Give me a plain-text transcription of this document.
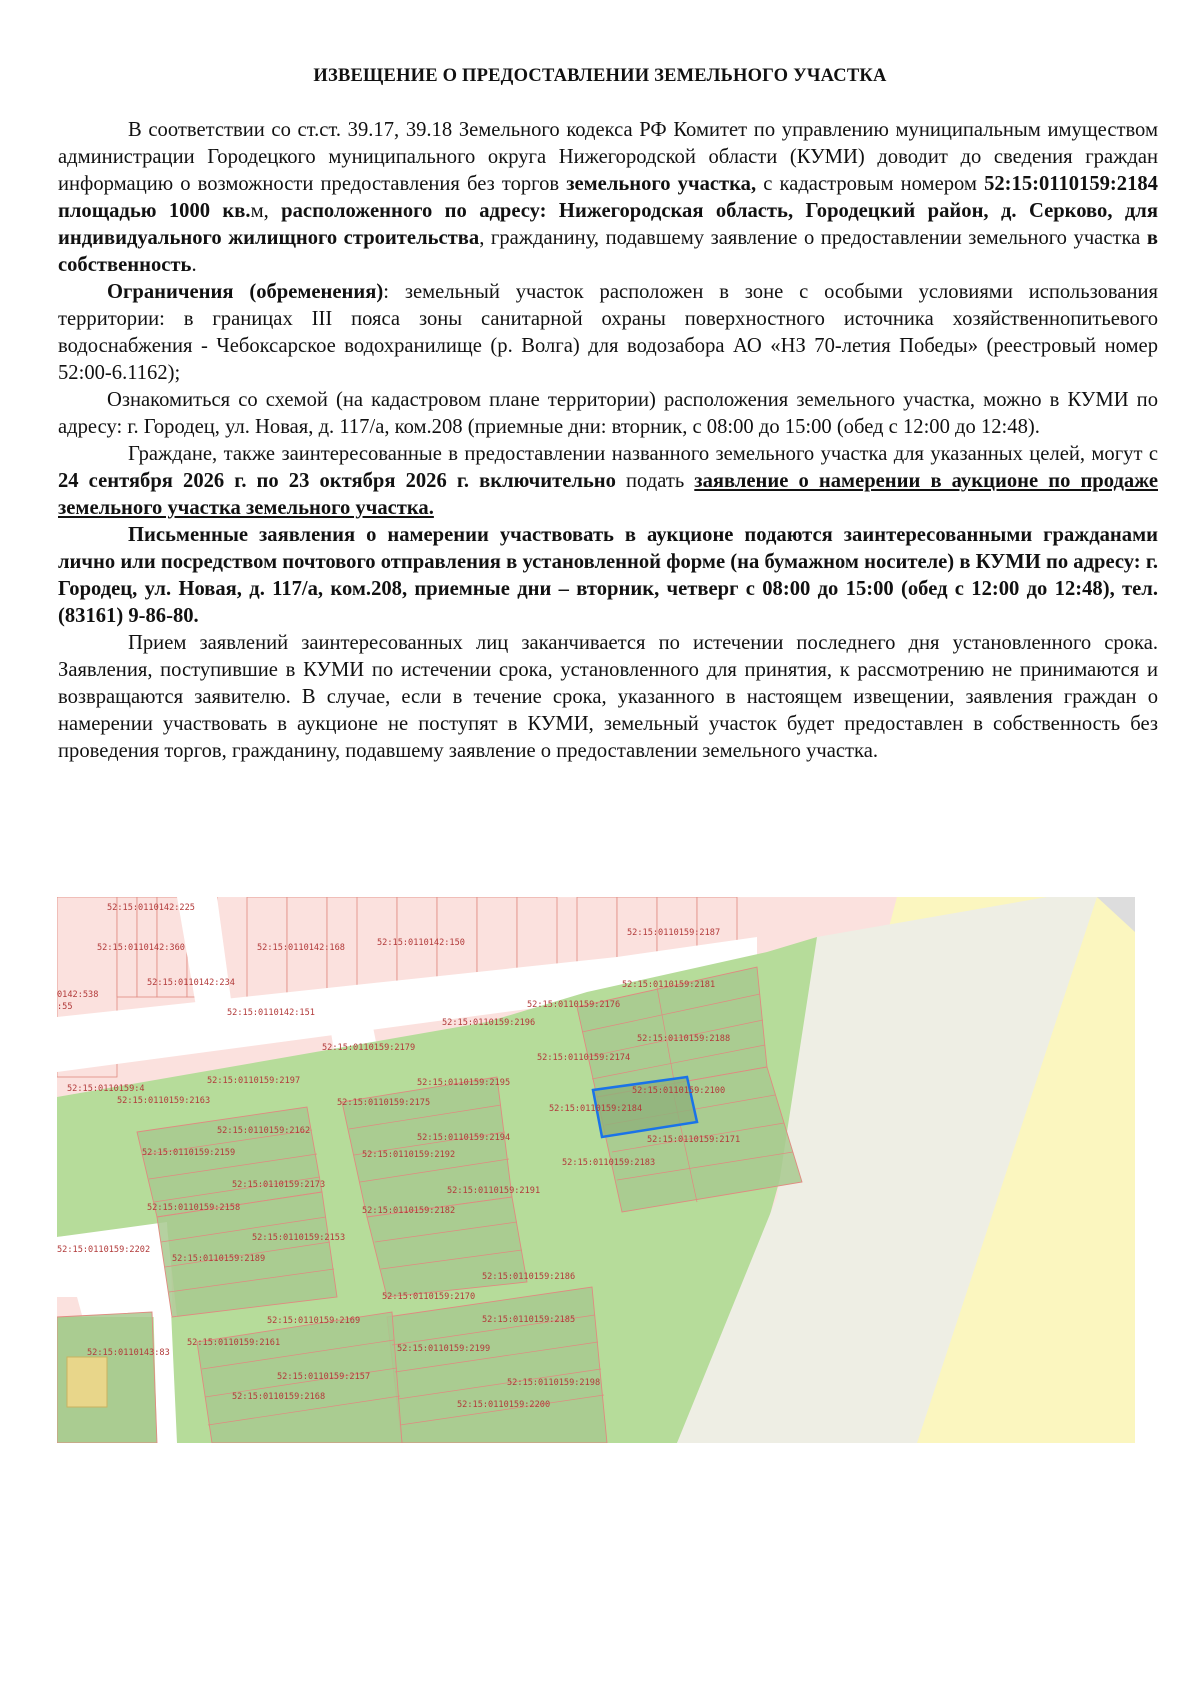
ИЗВЕЩЕНИЕ О ПРЕДОСТАВЛЕНИИ ЗЕМЕЛЬНОГО УЧАСТКА

В соответствии со ст.ст. 39.17, 39.18 Земельного кодекса РФ Комитет по управлению муниципальным имуществом администрации Городецкого муниципального округа Нижегородской области (КУМИ) доводит до сведения граждан информацию о возможности предоставления без торгов земельного участка, с кадастровым номером 52:15:0110159:2184 площадью 1000 кв.м, расположенного по адресу: Нижегородская область, Городецкий район, д. Серково, для индивидуального жилищного строительства, гражданину, подавшему заявление о предоставлении земельного участка в собственность.

Ограничения (обременения): земельный участок расположен в зоне с особыми условиями использования территории: в границах III пояса зоны санитарной охраны поверхностного источника хозяйственнопитьевого водоснабжения - Чебоксарское водохранилище (р. Волга) для водозабора АО «НЗ 70-летия Победы» (реестровый номер 52:00-6.1162);

Ознакомиться со схемой (на кадастровом плане территории) расположения земельного участка, можно в КУМИ по адресу: г. Городец, ул. Новая, д. 117/а, ком.208 (приемные дни: вторник, с 08:00 до 15:00 (обед с 12:00 до 12:48).

Граждане, также заинтересованные в предоставлении названного земельного участка для указанных целей, могут с 24 сентября 2026 г. по 23 октября 2026 г. включительно подать заявление о намерении в аукционе по продаже земельного участка земельного участка.

Письменные заявления о намерении участвовать в аукционе подаются заинтересованными гражданами лично или посредством почтового отправления в установленной форме (на бумажном носителе) в КУМИ по адресу: г. Городец, ул. Новая, д. 117/а, ком.208, приемные дни – вторник, четверг с 08:00 до 15:00 (обед с 12:00 до 12:48), тел. (83161) 9-86-80.

Прием заявлений заинтересованных лиц заканчивается по истечении последнего дня установленного срока. Заявления, поступившие в КУМИ по истечении срока, установленного для принятия, к рассмотрению не принимаются и возвращаются заявителю. В случае, если в течение срока, указанного в настоящем извещении, заявления граждан о намерении участвовать в аукционе не поступят в КУМИ, земельный участок будет предоставлен в собственность без проведения торгов, гражданину, подавшему заявление о предоставлении земельного участка.

52:15:0110142:225
52:15:0110142:360	52:15:0110142:168	52:15:0110142:150
52:15:0110159:2187
0142:538
:55
52:15:0110142:234
52:15:0110142:151
52:15:0110159:2181
52:15:0110159:2176
52:15:0110159:2196
52:15:0110159:2188
52:15:0110159:2179
52:15:0110159:2174
52:15:0110159:2197	52:15:0110159:2195
52:15:0110159:4
52:15:0110159:2163
52:15:0110159:2100
52:15:0110159:2175
52:15:0110159:2184
52:15:0110159:2162
52:15:0110159:2194	52:15:0110159:2171
52:15:0110159:2159	52:15:0110159:2192
52:15:0110159:2183
52:15:0110159:2173
52:15:0110159:2191
52:15:0110159:2158	52:15:0110159:2182
52:15:0110159:2153
52:15:0110159:2202
52:15:0110159:2189
52:15:0110159:2186
52:15:0110159:2170
52:15:0110159:2169	52:15:0110159:2185
52:15:0110159:2161
52:15:0110143:83	52:15:0110159:2199
52:15:0110159:2157
52:15:0110159:2198
52:15:0110159:2168
52:15:0110159:2200
